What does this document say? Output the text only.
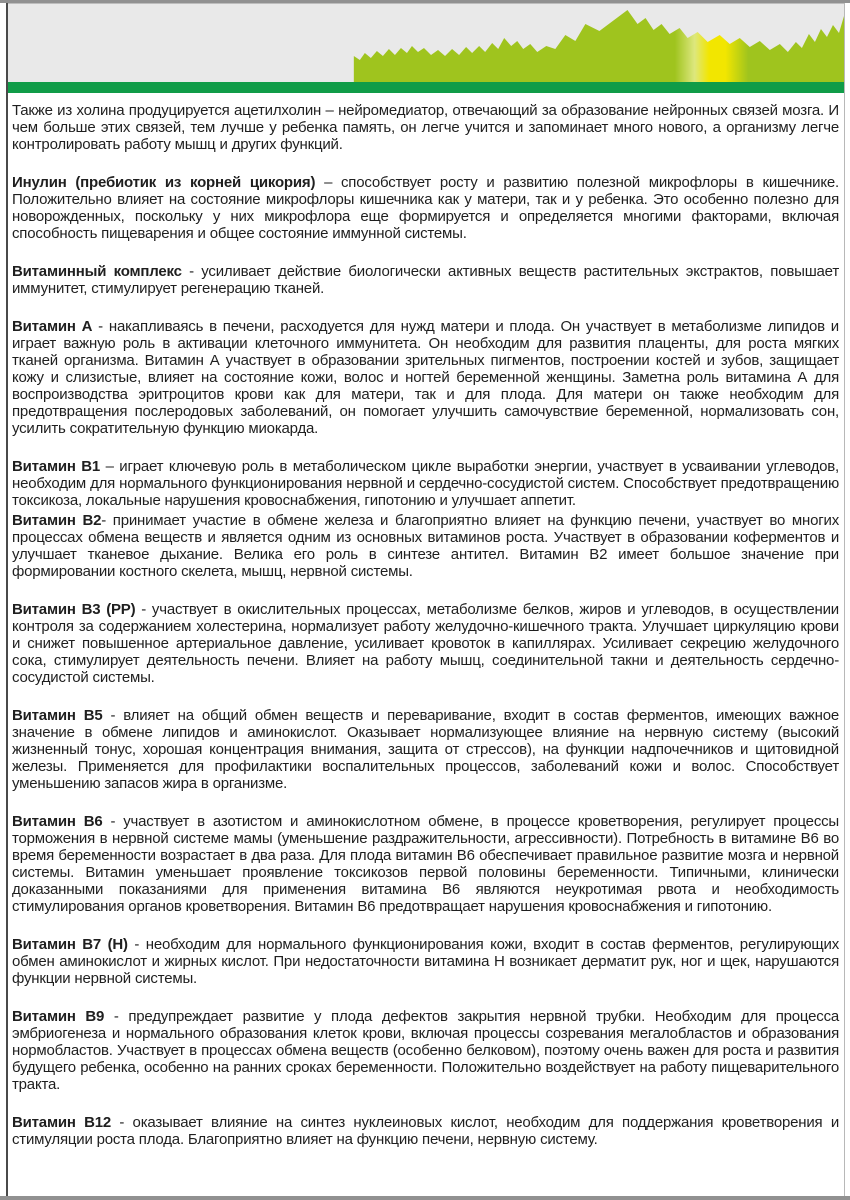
Также из холина продуцируется ацетилхолин – нейромедиатор, отвечающий за образование нейронных связей мозга. И чем больше этих связей, тем лучше у ребенка память, он легче учится и запоминает много нового, а организму легче контролировать работу мышц и других функций.

Инулин (пребиотик из корней цикория) – способствует росту и развитию полезной микрофлоры в кишечнике. Положительно влияет на состояние микрофлоры кишечника как у матери, так и у ребенка. Это особенно полезно для новорожденных, поскольку у них микрофлора еще формируется и определяется многими факторами, включая способность пищеварения и общее состояние иммунной системы.

Витаминный комплекс - усиливает действие биологически активных веществ растительных экстрактов, повышает иммунитет, стимулирует регенерацию тканей.

Витамин А - накапливаясь в печени, расходуется для нужд матери и плода. Он участвует в метаболизме липидов и играет важную роль в активации клеточного иммунитета. Он необходим для развития плаценты, для роста мягких тканей организма. Витамин А участвует в образовании зрительных пигментов, построении костей и зубов, защищает кожу и слизистые, влияет на состояние кожи, волос и ногтей беременной женщины. Заметна роль витамина А для воспроизводства эритроцитов крови как для матери, так и для плода. Для матери он также необходим для предотвращения послеродовых заболеваний, он помогает улучшить самочувствие беременной, нормализовать сон, усилить сократительную функцию миокарда.

Витамин В1 – играет ключевую роль в метаболическом цикле выработки энергии, участвует в усваивании углеводов, необходим для нормального функционирования нервной и сердечно-сосудистой систем. Способствует предотвращению токсикоза, локальные нарушения кровоснабжения, гипотонию и улучшает аппетит.

Витамин В2- принимает участие в обмене железа и благоприятно влияет на функцию печени, участвует во многих процессах обмена веществ и является одним из основных витаминов роста. Участвует в образовании коферментов и улучшает тканевое дыхание. Велика его роль в синтезе антител. Витамин В2 имеет большое значение при формировании костного скелета, мышц, нервной системы.

Витамин В3 (РР) - участвует в окислительных процессах, метаболизме белков, жиров и углеводов, в осуществлении контроля за содержанием холестерина, нормализует работу желудочно-кишечного тракта. Улучшает циркуляцию крови и снижет повышенное артериальное давление, усиливает кровоток в капиллярах. Усиливает секрецию желудочного сока, стимулирует деятельность печени. Влияет на работу мышц, соединительной такни и деятельность сердечно-сосудистой системы.

Витамин В5 - влияет на общий обмен веществ и переваривание, входит в состав ферментов, имеющих важное значение в обмене липидов и аминокислот. Оказывает нормализующее влияние на нервную систему (высокий жизненный тонус, хорошая концентрация внимания, защита от стрессов), на функции надпочечников и щитовидной железы. Применяется для профилактики воспалительных процессов, заболеваний кожи и волос. Способствует уменьшению запасов жира в организме.

Витамин В6 - участвует в азотистом и аминокислотном обмене, в процессе кроветворения, регулирует процессы торможения в нервной системе мамы (уменьшение раздражительности, агрессивности). Потребность в витамине В6 во время беременности возрастает в два раза. Для плода витамин В6 обеспечивает правильное развитие мозга и нервной системы. Витамин уменьшает проявление токсикозов первой половины беременности. Типичными, клинически доказанными показаниями для применения витамина В6 являются неукротимая рвота и необходимость стимулирования органов кроветворения. Витамин В6 предотвращает нарушения кровоснабжения и гипотонию.

Витамин В7 (Н) - необходим для нормального функционирования кожи, входит в состав ферментов, регулирующих обмен аминокислот и жирных кислот. При недостаточности витамина Н возникает дерматит рук, ног и щек, нарушаются функции нервной системы.

Витамин В9 - предупреждает развитие у плода дефектов закрытия нервной трубки. Необходим для процесса эмбриогенеза и нормального образования клеток крови, включая процессы созревания мегалобластов и образования нормобластов. Участвует в процессах обмена веществ (особенно белковом), поэтому очень важен для роста и развития будущего ребенка, особенно на ранних сроках беременности. Положительно воздействует на работу пищеварительного тракта.

Витамин В12 - оказывает влияние на синтез нуклеиновых кислот, необходим для поддержания кроветворения и стимуляции роста плода. Благоприятно влияет на функцию печени, нервную систему.
